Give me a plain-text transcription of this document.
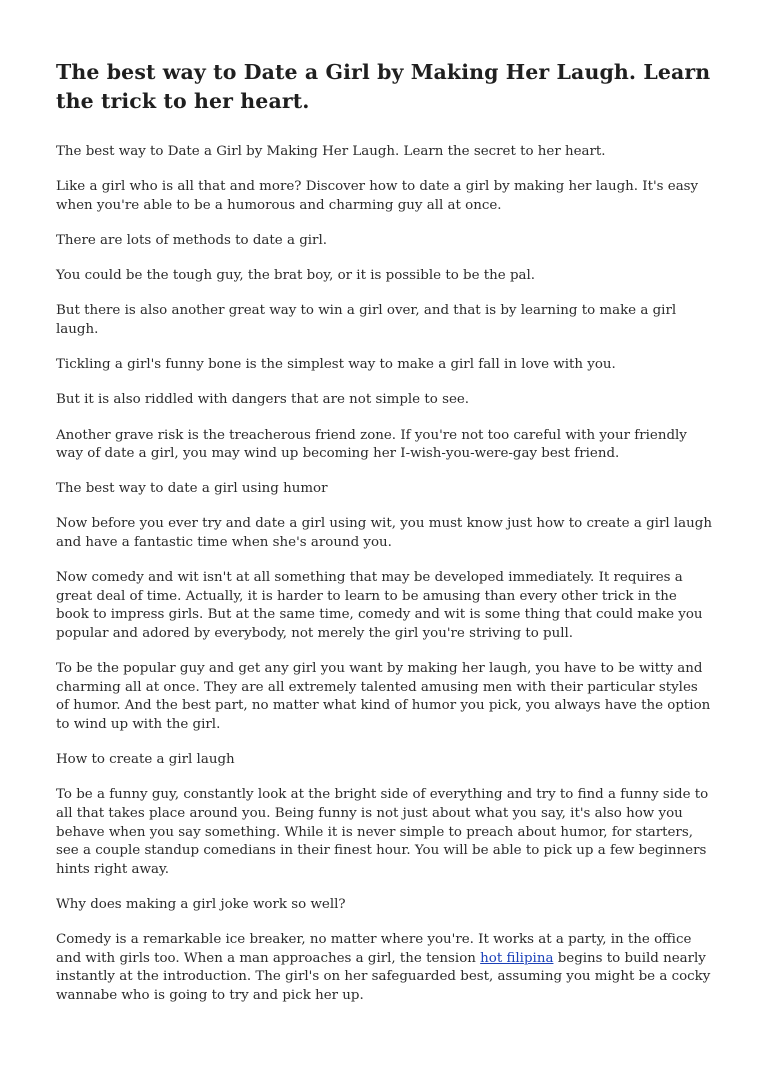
The best way to Date a Girl by Making Her Laugh. Learn the trick to her heart.

The best way to Date a Girl by Making Her Laugh. Learn the secret to her heart.

Like a girl who is all that and more? Discover how to date a girl by making her laugh. It's easy when you're able to be a humorous and charming guy all at once.

There are lots of methods to date a girl.

You could be the tough guy, the brat boy, or it is possible to be the pal.

But there is also another great way to win a girl over, and that is by learning to make a girl laugh.

Tickling a girl's funny bone is the simplest way to make a girl fall in love with you.

But it is also riddled with dangers that are not simple to see.

Another grave risk is the treacherous friend zone. If you're not too careful with your friendly way of date a girl, you may wind up becoming her I-wish-you-were-gay best friend.

The best way to date a girl using humor

Now before you ever try and date a girl using wit, you must know just how to create a girl laugh and have a fantastic time when she's around you.

Now comedy and wit isn't at all something that may be developed immediately. It requires a great deal of time. Actually, it is harder to learn to be amusing than every other trick in the book to impress girls. But at the same time, comedy and wit is some thing that could make you popular and adored by everybody, not merely the girl you're striving to pull.

To be the popular guy and get any girl you want by making her laugh, you have to be witty and charming all at once. They are all extremely talented amusing men with their particular styles of humor. And the best part, no matter what kind of humor you pick, you always have the option to wind up with the girl.

How to create a girl laugh

To be a funny guy, constantly look at the bright side of everything and try to find a funny side to all that takes place around you. Being funny is not just about what you say, it's also how you behave when you say something. While it is never simple to preach about humor, for starters, see a couple standup comedians in their finest hour. You will be able to pick up a few beginners hints right away.

Why does making a girl joke work so well?

Comedy is a remarkable ice breaker, no matter where you're. It works at a party, in the office and with girls too. When a man approaches a girl, the tension hot filipina begins to build nearly instantly at the introduction. The girl's on her safeguarded best, assuming you might be a cocky wannabe who is going to try and pick her up.
